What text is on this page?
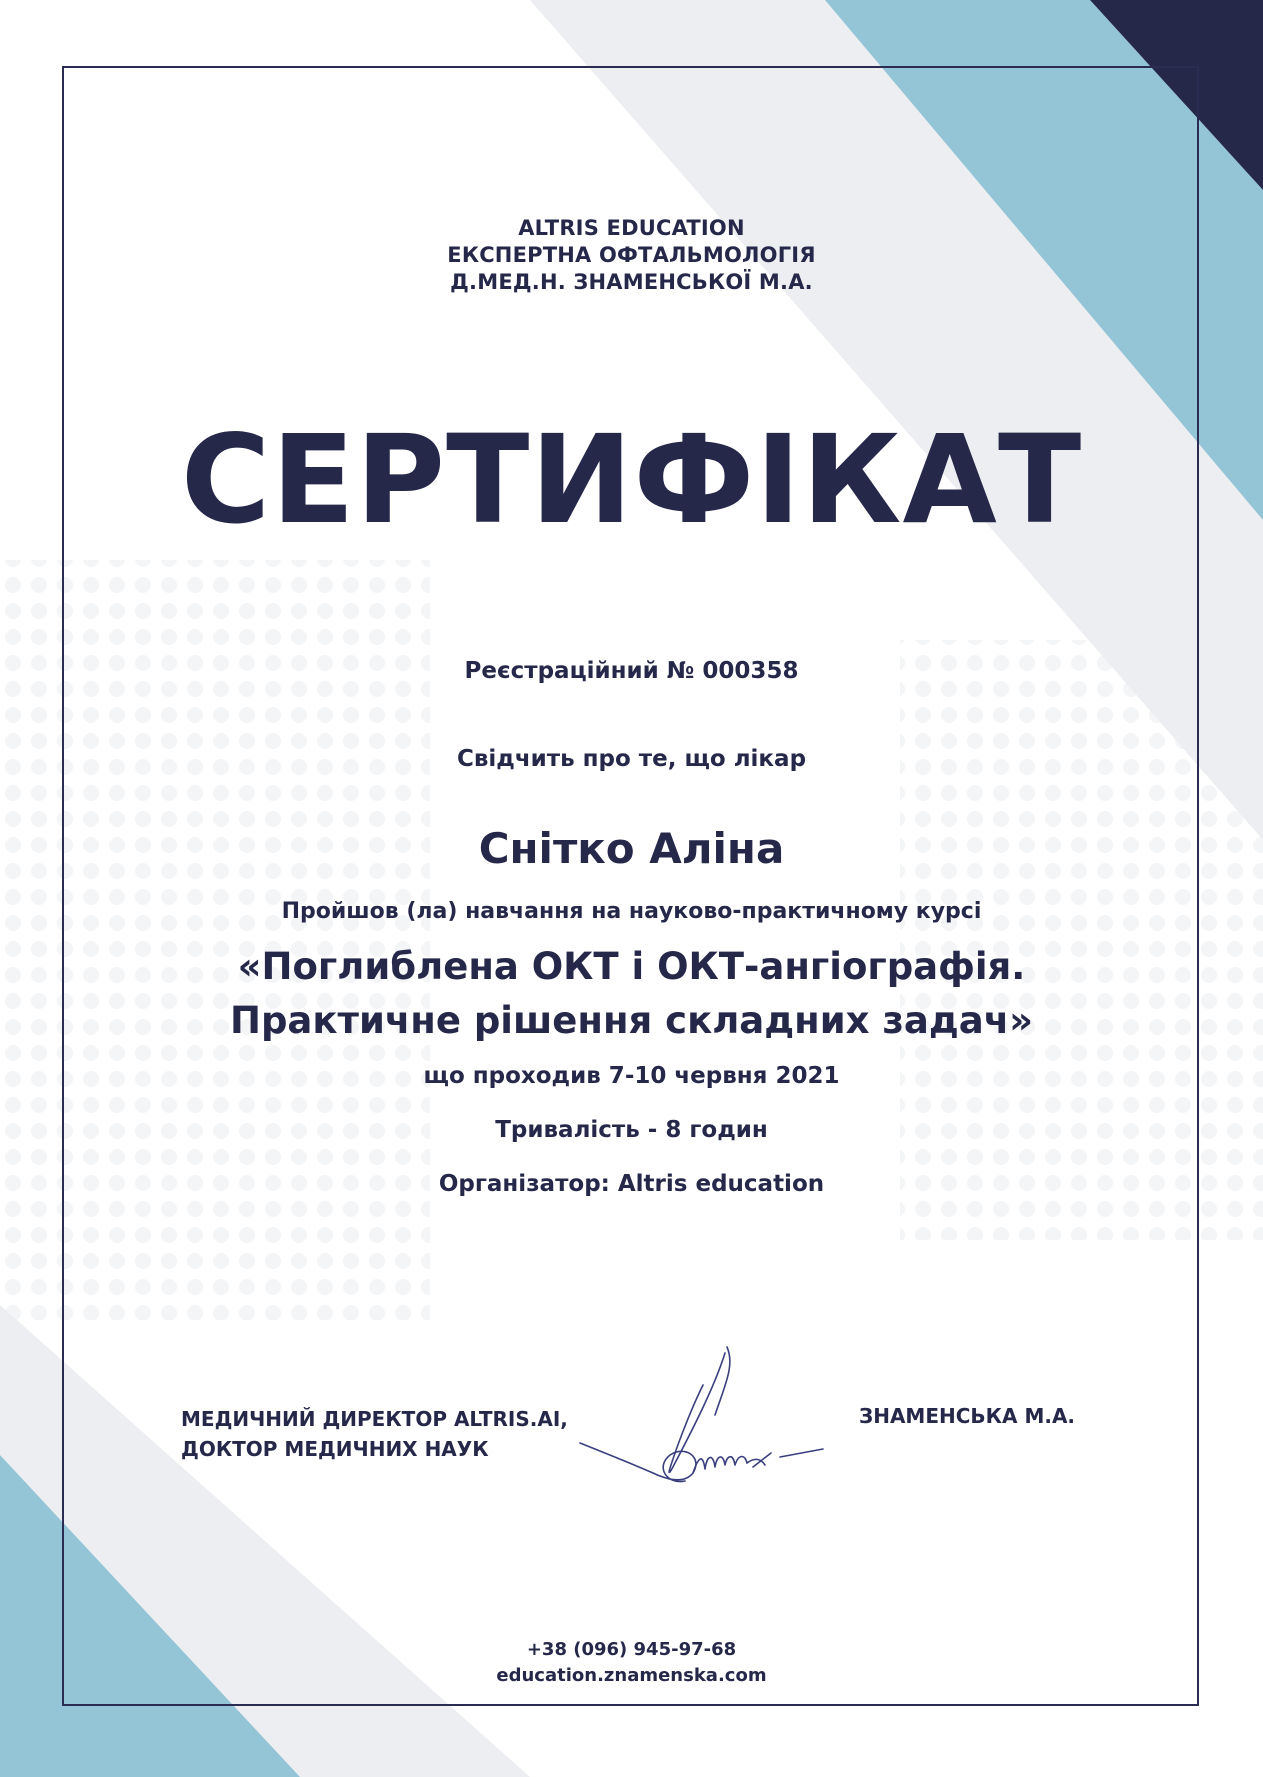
ALTRIS EDUCATION
ЕКСПЕРТНА ОФТАЛЬМОЛОГІЯ
Д.МЕД.Н. ЗНАМЕНСЬКОЇ М.А.
СЕРТИФІКАТ

Реєстраційний № 000358

Свідчить про те, що лікар

Снітко Аліна

Пройшов (ла) навчання на науково-практичному курсі

«Поглиблена ОКТ і ОКТ-ангіографія.
Практичне рішення складних задач»

що проходив 7-10 червня 2021

Тривалість - 8 годин

Організатор: Altris education

МЕДИЧНИЙ ДИРЕКТОР ALTRIS.AI,
ДОКТОР МЕДИЧНИХ НАУК
ЗНАМЕНСЬКА М.А.
+38 (096) 945-97-68
education.znamenska.com
